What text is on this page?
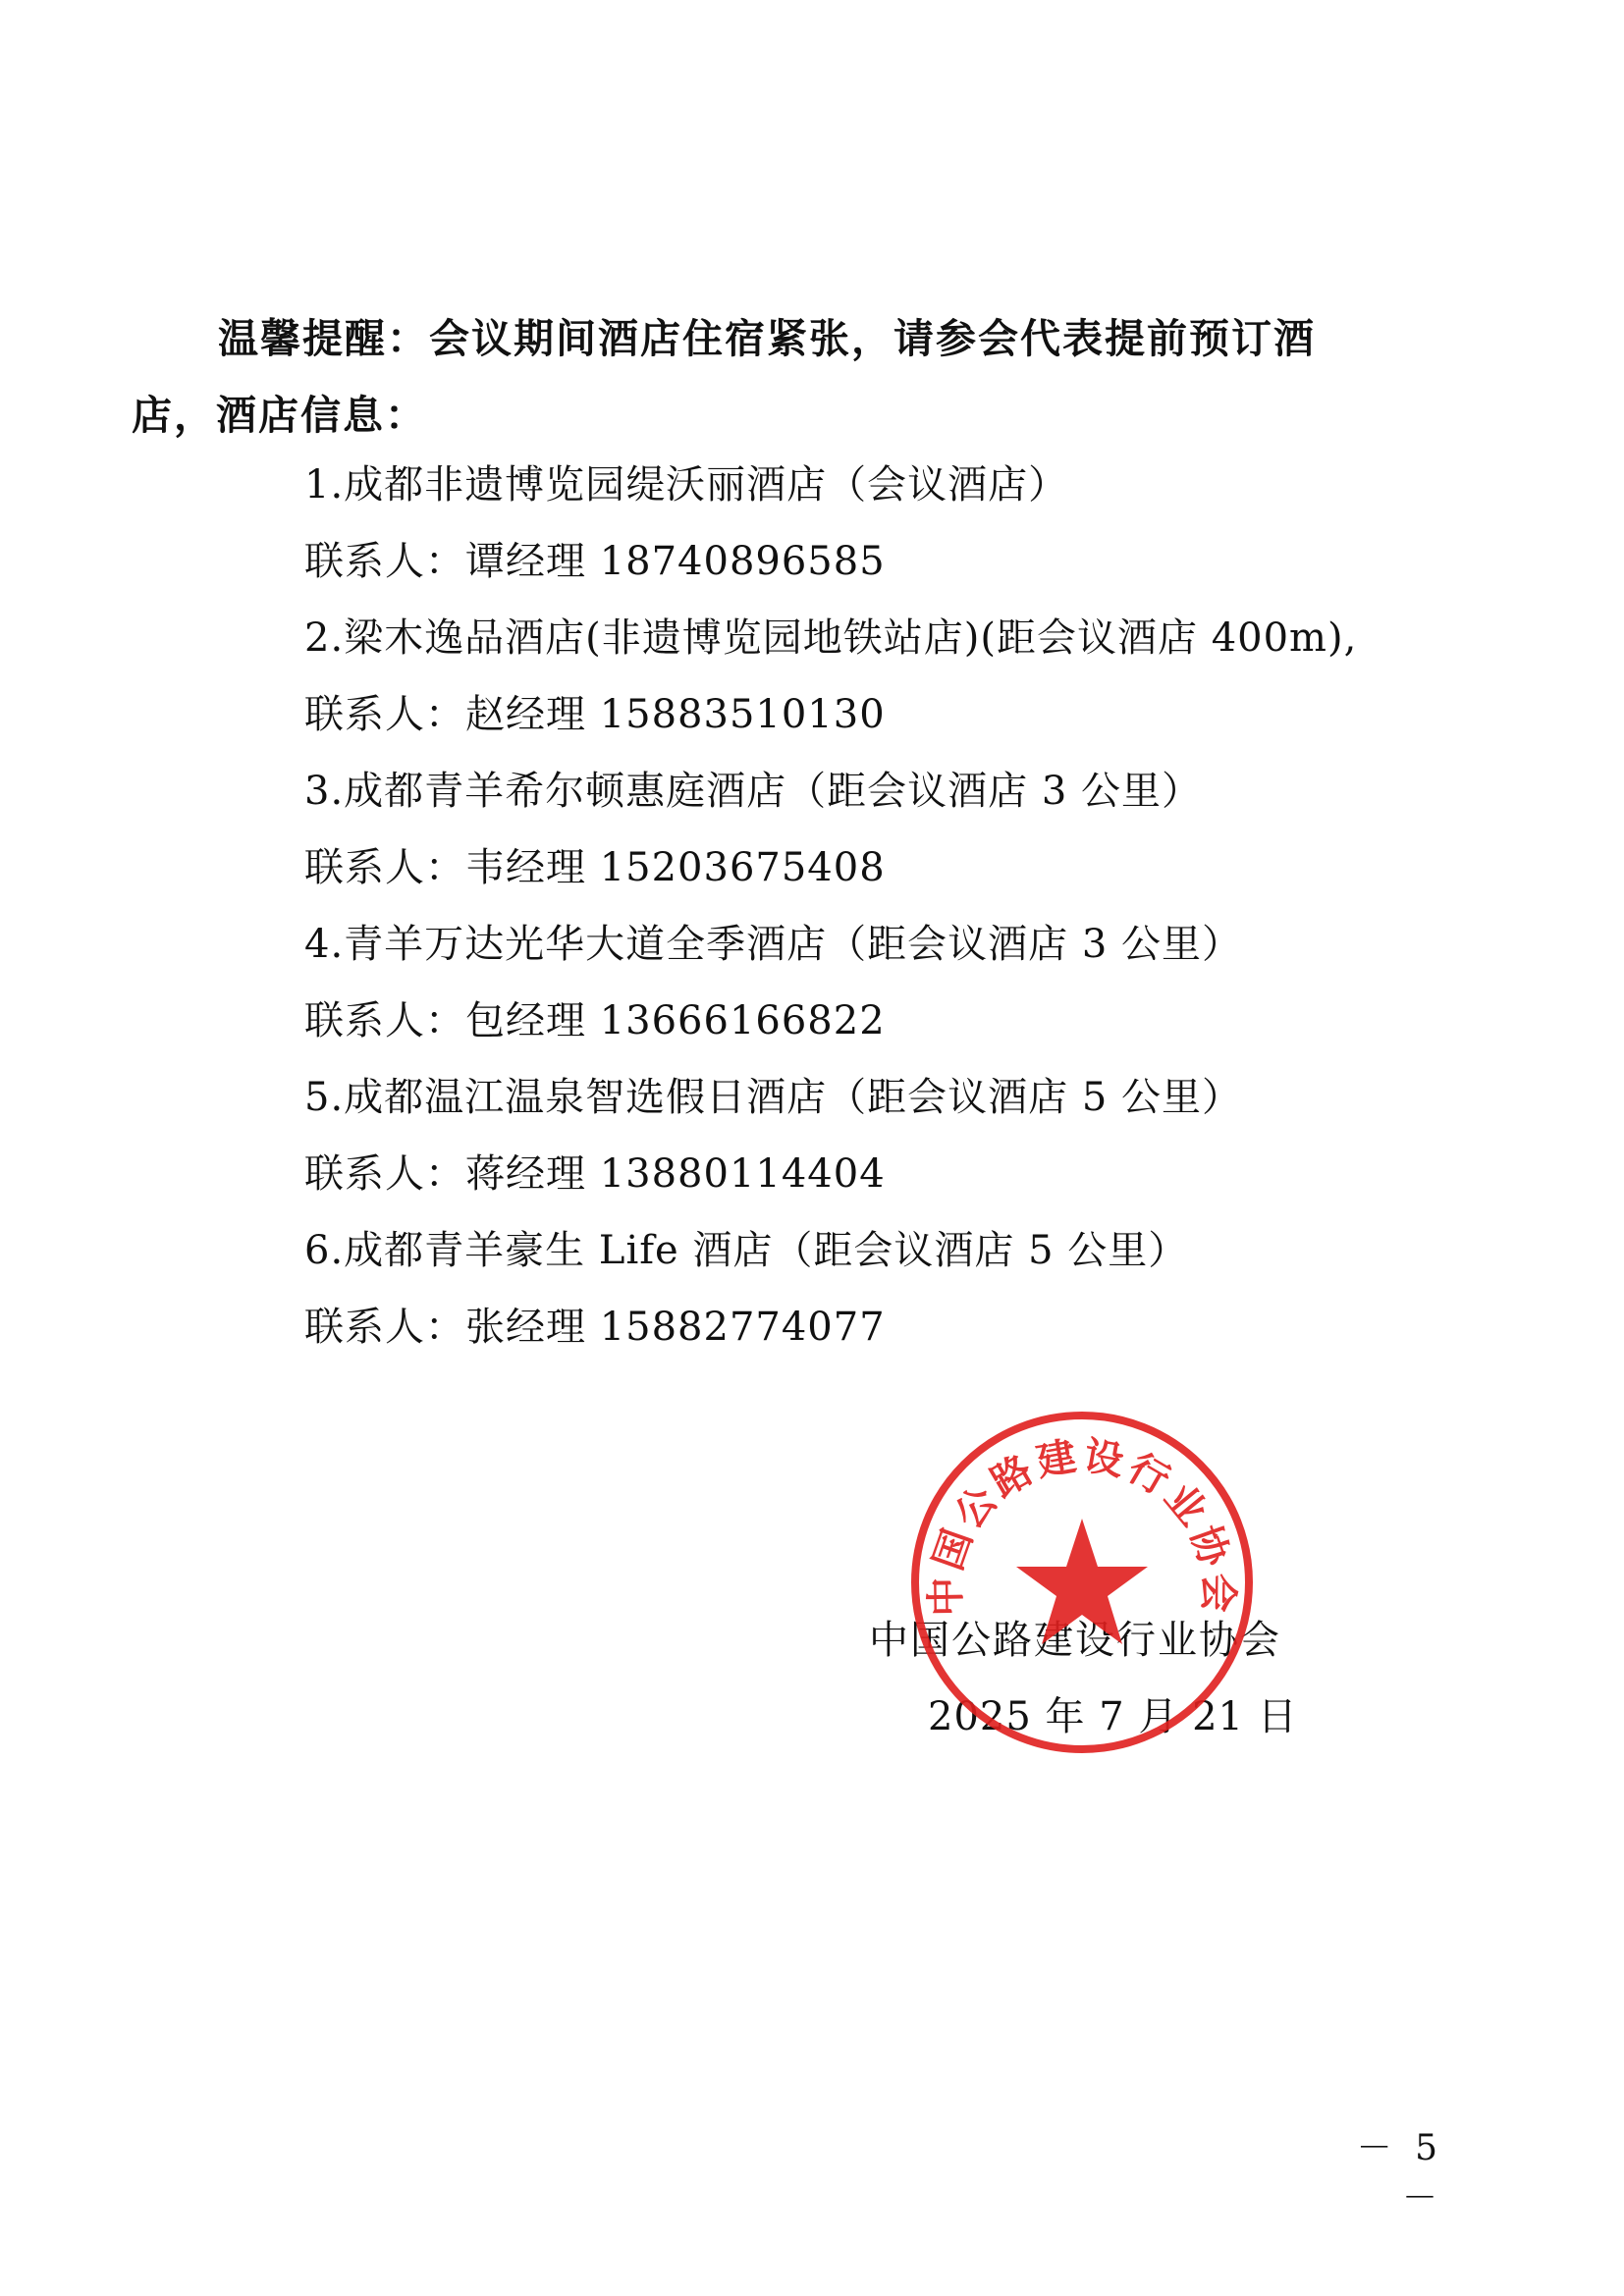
温馨提醒：会议期间酒店住宿紧张，请参会代表提前预订酒店，酒店信息：
1.成都非遗博览园缇沃丽酒店（会议酒店）
联系人：谭经理 18740896585
2.梁木逸品酒店(非遗博览园地铁站店)(距会议酒店 400m),
联系人：赵经理 15883510130
3.成都青羊希尔顿惠庭酒店（距会议酒店 3 公里）
联系人：韦经理 15203675408
4.青羊万达光华大道全季酒店（距会议酒店 3 公里）
联系人：包经理 13666166822
5.成都温江温泉智选假日酒店（距会议酒店 5 公里）
联系人：蒋经理 13880114404
6.成都青羊豪生 Life 酒店（距会议酒店 5 公里）
联系人：张经理 15882774077
中国公路建设行业协会
2025 年 7 月 21 日
中国公路建设行业协会
－ 5 －
